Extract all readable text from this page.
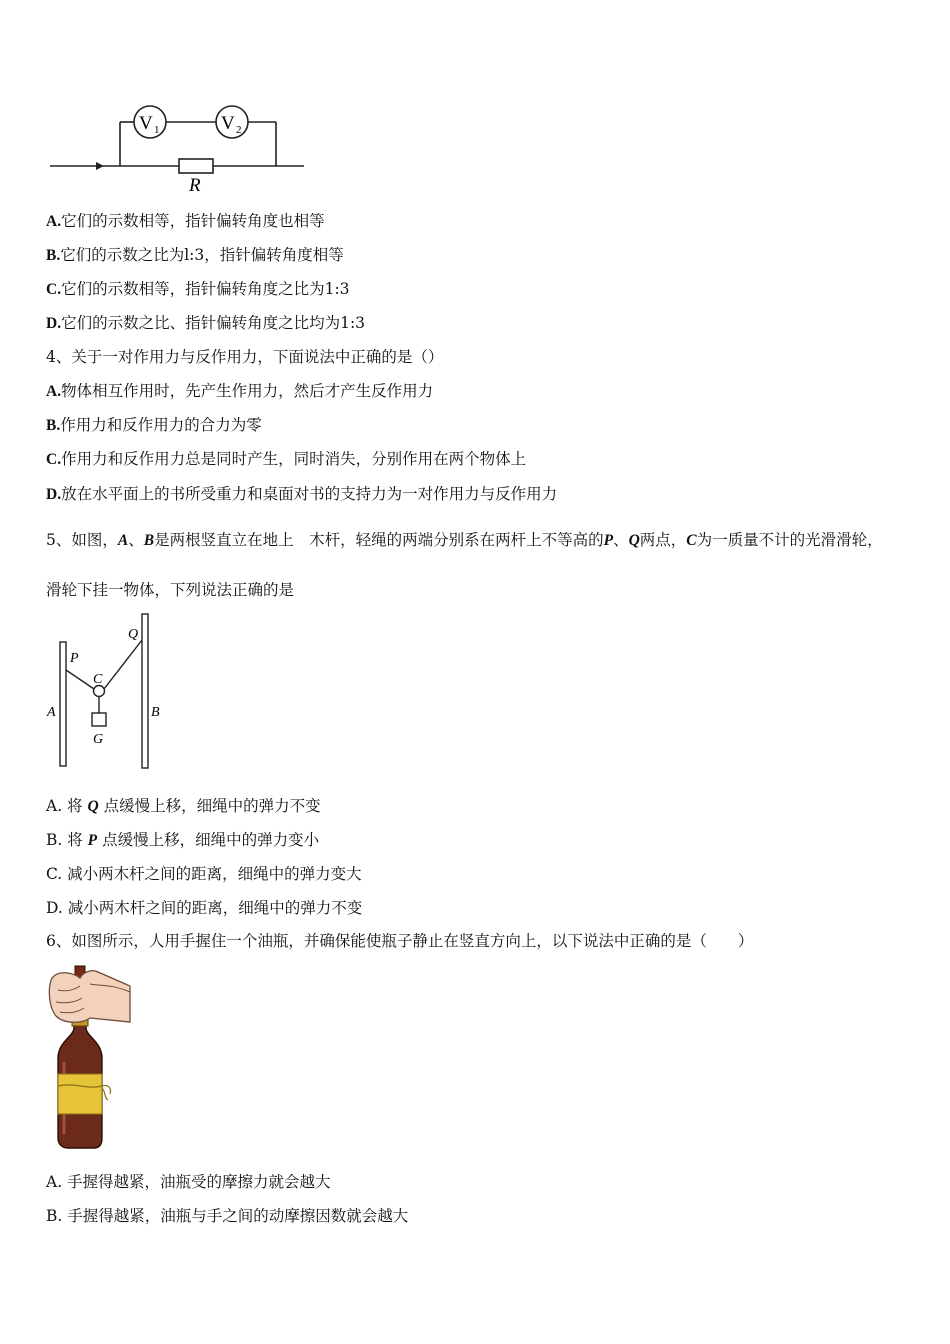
V 1	V 2
R
A.它们的示数相等，指针偏转角度也相等
B.它们的示数之比为l:3，指针偏转角度相等
C.它们的示数相等，指针偏转角度之比为1:3
D.它们的示数之比、指针偏转角度之比均为1:3
4、关于一对作用力与反作用力，下面说法中正确的是（）
A.物体相互作用时，先产生作用力，然后才产生反作用力
B.作用力和反作用力的合力为零
C.作用力和反作用力总是同时产生，同时消失，分别作用在两个物体上
D.放在水平面上的书所受重力和桌面对书的支持力为一对作用力与反作用力
5、如图，A、B是两根竖直立在地上　木杆，轻绳的两端分别系在两杆上不等高的P、Q两点，C为一质量不计的光滑滑轮，
滑轮下挂一物体，下列说法正确的是
P
Q
C
A	B
G
A. 将 Q 点缓慢上移，细绳中的弹力不变
B. 将 P 点缓慢上移，细绳中的弹力变小
C. 减小两木杆之间的距离，细绳中的弹力变大
D. 减小两木杆之间的距离，细绳中的弹力不变
6、如图所示，人用手握住一个油瓶，并确保能使瓶子静止在竖直方向上，以下说法中正确的是（　　）
A. 手握得越紧，油瓶受的摩擦力就会越大
B. 手握得越紧，油瓶与手之间的动摩擦因数就会越大
